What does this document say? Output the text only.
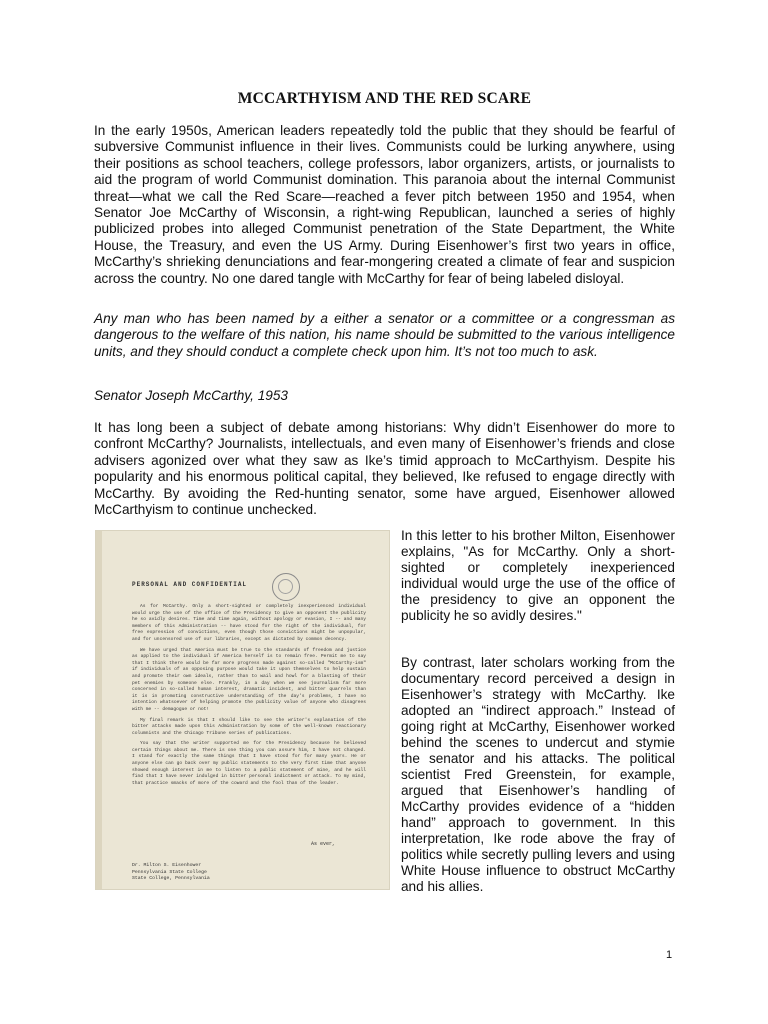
MCCARTHYISM AND THE RED SCARE

In the early 1950s, American leaders repeatedly told the public that they should be fearful of subversive Communist influence in their lives. Communists could be lurking anywhere, using their positions as school teachers, college professors, labor organizers, artists, or journalists to aid the program of world Communist domination. This paranoia about the internal Communist threat—what we call the Red Scare—reached a fever pitch between 1950 and 1954, when Senator Joe McCarthy of Wisconsin, a right-wing Republican, launched a series of highly publicized probes into alleged Communist penetration of the State Department, the White House, the Treasury, and even the US Army. During Eisenhower’s first two years in office, McCarthy’s shrieking denunciations and fear-mongering created a climate of fear and suspicion across the country. No one dared tangle with McCarthy for fear of being labeled disloyal.

Any man who has been named by a either a senator or a committee or a congressman as dangerous to the welfare of this nation, his name should be submitted to the various intelligence units, and they should conduct a complete check upon him. It’s not too much to ask.

Senator Joseph McCarthy, 1953

It has long been a subject of debate among historians: Why didn’t Eisenhower do more to confront McCarthy? Journalists, intellectuals, and even many of Eisenhower’s friends and close advisers agonized over what they saw as Ike’s timid approach to McCarthyism. Despite his popularity and his enormous political capital, they believed, Ike refused to engage directly with McCarthy. By avoiding the Red-hunting senator, some have argued, Eisenhower allowed McCarthyism to continue unchecked.

PERSONAL AND CONFIDENTIAL

As for McCarthy. Only a short-sighted or completely inexperienced individual would urge the use of the office of the Presidency to give an opponent the publicity he so avidly desires. Time and time again, without apology or evasion, I -- and many members of this Administration -- have stood for the right of the individual, for free expression of convictions, even though those convictions might be unpopular, and for uncensored use of our libraries, except as dictated by common decency.

We have urged that America must be true to the standards of freedom and justice as applied to the individual if America herself is to remain free. Permit me to say that I think there would be far more progress made against so-called "McCarthy-ism" if individuals of an opposing purpose would take it upon themselves to help sustain and promote their own ideals, rather than to wail and howl for a blasting of their pet enemies by someone else. Frankly, in a day when we see journalism far more concerned in so-called human interest, dramatic incident, and bitter quarrels than it is in promoting constructive understanding of the day's problems, I have no intention whatsoever of helping promote the publicity value of anyone who disagrees with me -- demagogue or not!

My final remark is that I should like to see the writer's explanation of the bitter attacks made upon this Administration by some of the well-known reactionary columnists and the Chicago Tribune series of publications.

You say that the writer supported me for the Presidency because he believed certain things about me. There is one thing you can assure him, I have not changed. I stand for exactly the same things that I have stood for for many years. He or anyone else can go back over my public statements to the very first time that anyone showed enough interest in me to listen to a public statement of mine, and he will find that I have never indulged in bitter personal indictment or attack. To my mind, that practice smacks of more of the coward and the fool than of the leader.

As ever,
Dr. Milton S. Eisenhower
Pennsylvania State College
State College, Pennsylvania

In this letter to his brother Milton, Eisenhower explains, "As for McCarthy. Only a short-sighted or completely inexperienced individual would urge the use of the office of the presidency to give an opponent the publicity he so avidly desires."

By contrast, later scholars working from the documentary record perceived a design in Eisenhower’s strategy with McCarthy. Ike adopted an “indirect approach.” Instead of going right at McCarthy, Eisenhower worked behind the scenes to undercut and stymie the senator and his attacks. The political scientist Fred Greenstein, for example, argued that Eisenhower’s handling of McCarthy provides evidence of a “hidden hand” approach to government. In this interpretation, Ike rode above the fray of politics while secretly pulling levers and using White House influence to obstruct McCarthy and his allies.

1
